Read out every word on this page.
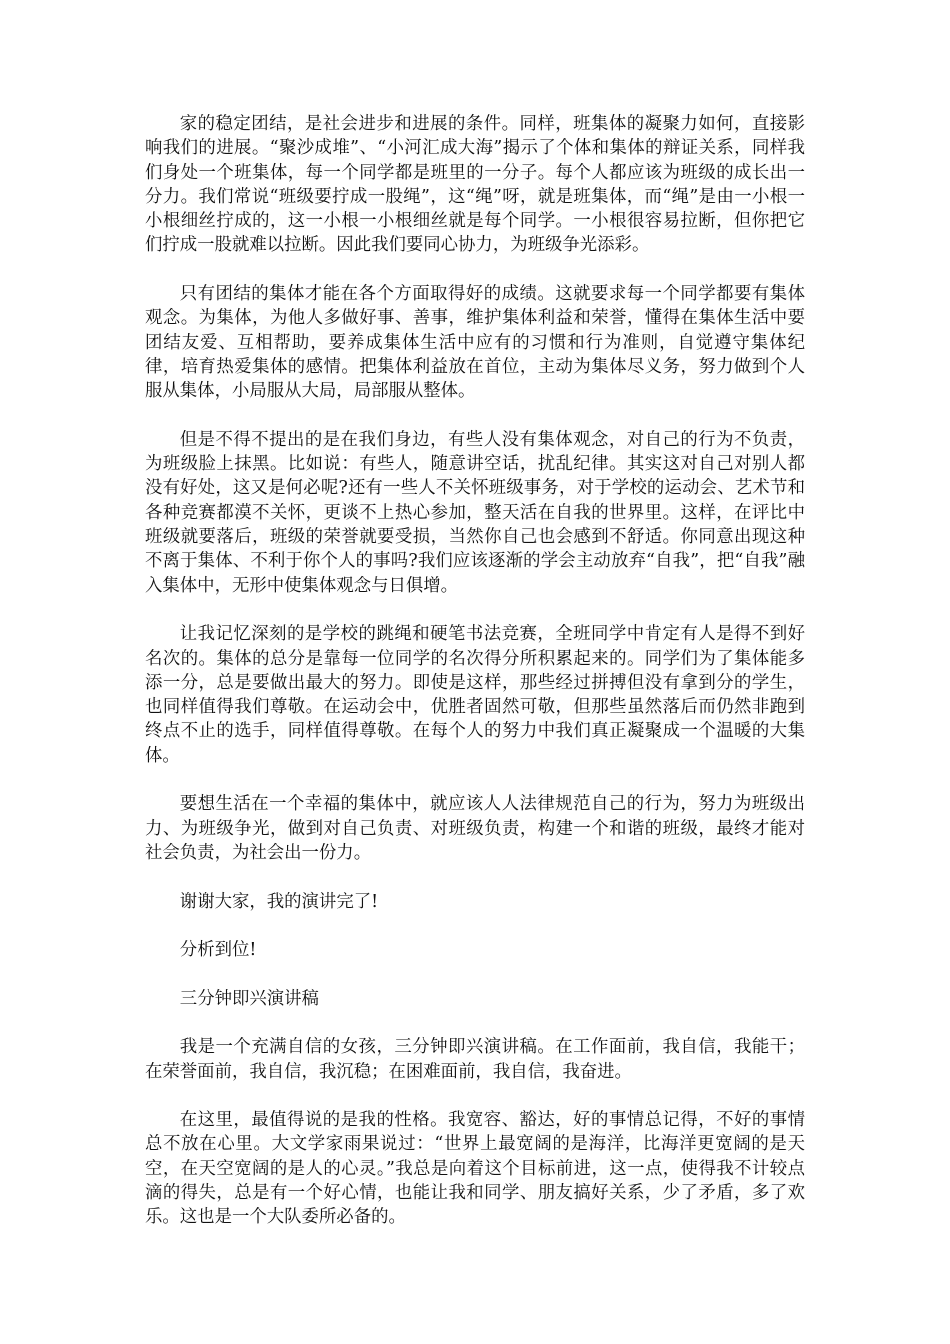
家的稳定团结，是社会进步和进展的条件。同样，班集体的凝聚力如何，直接影响我们的进展。“聚沙成堆”、“小河汇成大海”揭示了个体和集体的辩证关系，同样我们身处一个班集体，每一个同学都是班里的一分子。每个人都应该为班级的成长出一分力。我们常说“班级要拧成一股绳”，这“绳”呀，就是班集体，而“绳”是由一小根一小根细丝拧成的，这一小根一小根细丝就是每个同学。一小根很容易拉断，但你把它们拧成一股就难以拉断。因此我们要同心协力，为班级争光添彩。

只有团结的集体才能在各个方面取得好的成绩。这就要求每一个同学都要有集体观念。为集体，为他人多做好事、善事，维护集体利益和荣誉，懂得在集体生活中要团结友爱、互相帮助，要养成集体生活中应有的习惯和行为准则，自觉遵守集体纪律，培育热爱集体的感情。把集体利益放在首位，主动为集体尽义务，努力做到个人服从集体，小局服从大局，局部服从整体。

但是不得不提出的是在我们身边，有些人没有集体观念，对自己的行为不负责，为班级脸上抹黑。比如说：有些人，随意讲空话，扰乱纪律。其实这对自己对别人都没有好处，这又是何必呢?还有一些人不关怀班级事务，对于学校的运动会、艺术节和各种竞赛都漠不关怀，更谈不上热心参加，整天活在自我的世界里。这样，在评比中班级就要落后，班级的荣誉就要受损，当然你自己也会感到不舒适。你同意出现这种不离于集体、不利于你个人的事吗?我们应该逐渐的学会主动放弃“自我”，把“自我”融入集体中，无形中使集体观念与日俱增。

让我记忆深刻的是学校的跳绳和硬笔书法竞赛，全班同学中肯定有人是得不到好名次的。集体的总分是靠每一位同学的名次得分所积累起来的。同学们为了集体能多添一分，总是要做出最大的努力。即使是这样，那些经过拼搏但没有拿到分的学生，也同样值得我们尊敬。在运动会中，优胜者固然可敬，但那些虽然落后而仍然非跑到终点不止的选手，同样值得尊敬。在每个人的努力中我们真正凝聚成一个温暖的大集体。

要想生活在一个幸福的集体中，就应该人人法律规范自己的行为，努力为班级出力、为班级争光，做到对自己负责、对班级负责，构建一个和谐的班级，最终才能对社会负责，为社会出一份力。

谢谢大家，我的演讲完了!

分析到位!

三分钟即兴演讲稿

我是一个充满自信的女孩，三分钟即兴演讲稿。在工作面前，我自信，我能干；在荣誉面前，我自信，我沉稳；在困难面前，我自信，我奋进。

在这里，最值得说的是我的性格。我宽容、豁达，好的事情总记得，不好的事情总不放在心里。大文学家雨果说过：“世界上最宽阔的是海洋，比海洋更宽阔的是天空，在天空宽阔的是人的心灵。”我总是向着这个目标前进，这一点，使得我不计较点滴的得失，总是有一个好心情，也能让我和同学、朋友搞好关系，少了矛盾，多了欢乐。这也是一个大队委所必备的。
